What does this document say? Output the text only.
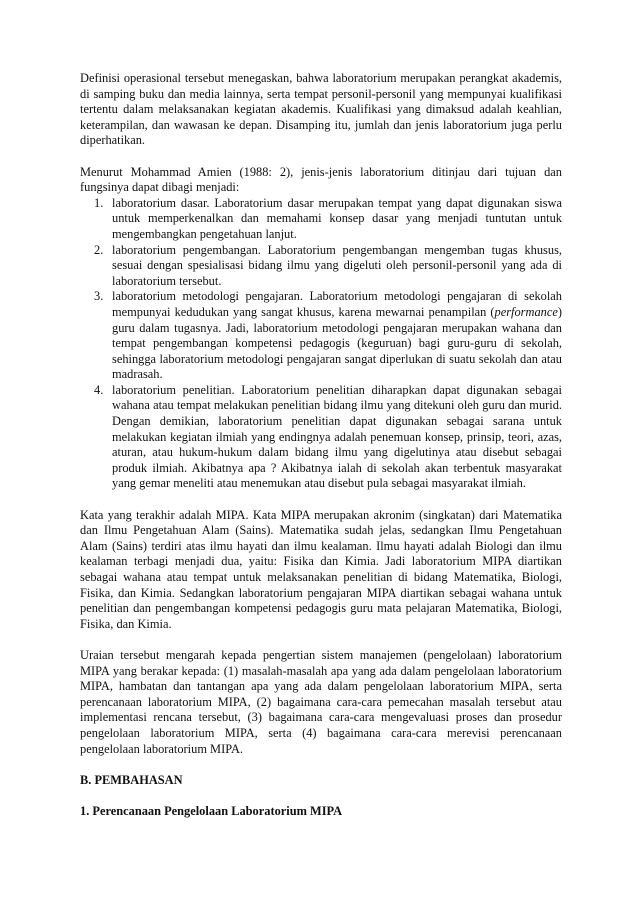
Definisi operasional tersebut menegaskan, bahwa laboratorium merupakan perangkat akademis, di samping buku dan media lainnya, serta tempat personil-personil yang mempunyai kualifikasi tertentu dalam melaksanakan kegiatan akademis. Kualifikasi yang dimaksud adalah keahlian, keterampilan, dan wawasan ke depan. Disamping itu, jumlah dan jenis laboratorium juga perlu diperhatikan.

Menurut Mohammad Amien (1988: 2), jenis-jenis laboratorium ditinjau dari tujuan dan fungsinya dapat dibagi menjadi:

1. laboratorium dasar. Laboratorium dasar merupakan tempat yang dapat digunakan siswa untuk memperkenalkan dan memahami konsep dasar yang menjadi tuntutan untuk mengembangkan pengetahuan lanjut.
2. laboratorium pengembangan. Laboratorium pengembangan mengemban tugas khusus, sesuai dengan spesialisasi bidang ilmu yang digeluti oleh personil-personil yang ada di laboratorium tersebut.
3. laboratorium metodologi pengajaran. Laboratorium metodologi pengajaran di sekolah mempunyai kedudukan yang sangat khusus, karena mewarnai penampilan (performance) guru dalam tugasnya. Jadi, laboratorium metodologi pengajaran merupakan wahana dan tempat pengembangan kompetensi pedagogis (keguruan) bagi guru-guru di sekolah, sehingga laboratorium metodologi pengajaran sangat diperlukan di suatu sekolah dan atau madrasah.
4. laboratorium penelitian. Laboratorium penelitian diharapkan dapat digunakan sebagai wahana atau tempat melakukan penelitian bidang ilmu yang ditekuni oleh guru dan murid. Dengan demikian, laboratorium penelitian dapat digunakan sebagai sarana untuk melakukan kegiatan ilmiah yang endingnya adalah penemuan konsep, prinsip, teori, azas, aturan, atau hukum-hukum dalam bidang ilmu yang digelutinya atau disebut sebagai produk ilmiah. Akibatnya apa ? Akibatnya ialah di sekolah akan terbentuk masyarakat yang gemar meneliti atau menemukan atau disebut pula sebagai masyarakat ilmiah.

Kata yang terakhir adalah MIPA. Kata MIPA merupakan akronim (singkatan) dari Matematika dan Ilmu Pengetahuan Alam (Sains). Matematika sudah jelas, sedangkan Ilmu Pengetahuan Alam (Sains) terdiri atas ilmu hayati dan ilmu kealaman. Ilmu hayati adalah Biologi dan ilmu kealaman terbagi menjadi dua, yaitu: Fisika dan Kimia. Jadi laboratorium MIPA diartikan sebagai wahana atau tempat untuk melaksanakan penelitian di bidang Matematika, Biologi, Fisika, dan Kimia. Sedangkan laboratorium pengajaran MIPA diartikan sebagai wahana untuk penelitian dan pengembangan kompetensi pedagogis guru mata pelajaran Matematika, Biologi, Fisika, dan Kimia.

Uraian tersebut mengarah kepada pengertian sistem manajemen (pengelolaan) laboratorium MIPA yang berakar kepada: (1) masalah-masalah apa yang ada dalam pengelolaan laboratorium MIPA, hambatan dan tantangan apa yang ada dalam pengelolaan laboratorium MIPA, serta perencanaan laboratorium MIPA, (2) bagaimana cara-cara pemecahan masalah tersebut atau implementasi rencana tersebut, (3) bagaimana cara-cara mengevaluasi proses dan prosedur pengelolaan laboratorium MIPA, serta (4) bagaimana cara-cara merevisi perencanaan pengelolaan laboratorium MIPA.

B. PEMBAHASAN
1. Perencanaan Pengelolaan Laboratorium MIPA
